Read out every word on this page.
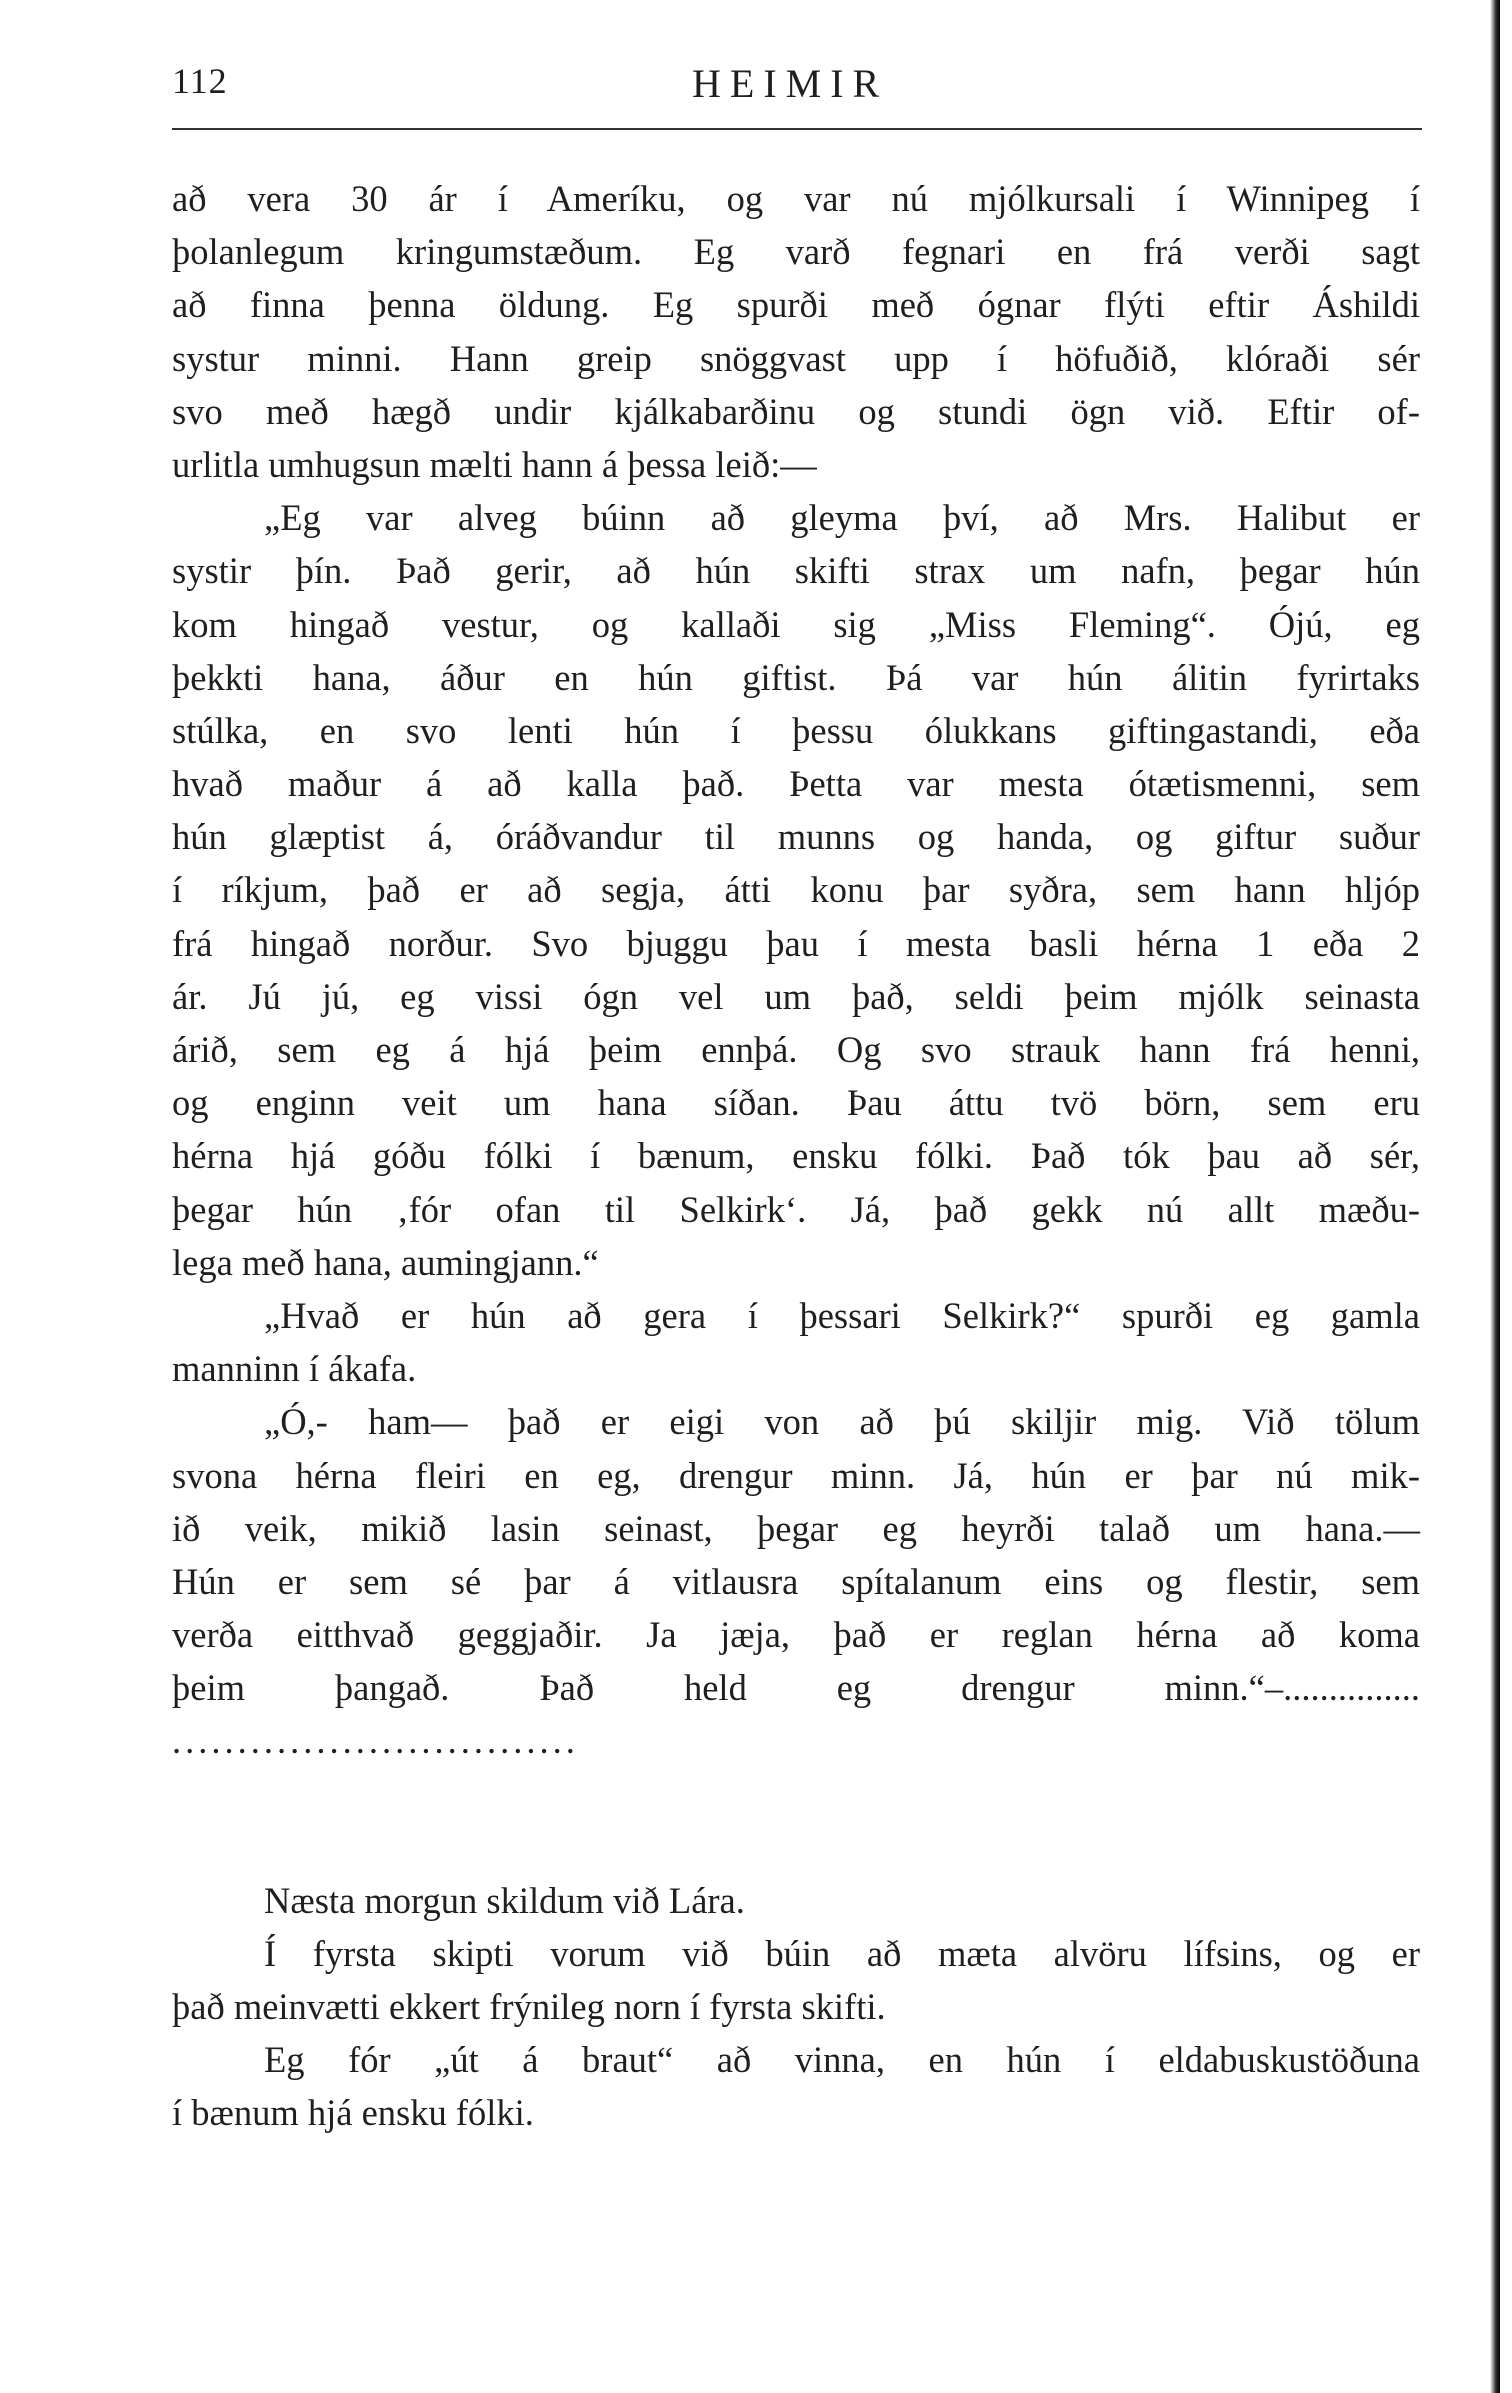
112	HEIMIR
að vera 30 ár í Ameríku, og var nú mjólkursali í Winnipeg í
þolanlegum kringumstæðum. Eg varð fegnari en frá verði sagt
að finna þenna öldung. Eg spurði með ógnar flýti eftir Áshildi
systur minni. Hann greip snöggvast upp í höfuðið, klóraði sér
svo með hægð undir kjálkabarðinu og stundi ögn við. Eftir of-
urlitla umhugsun mælti hann á þessa leið:—
„Eg var alveg búinn að gleyma því, að Mrs. Halibut er
systir þín. Það gerir, að hún skifti strax um nafn, þegar hún
kom hingað vestur, og kallaði sig „Miss Fleming“. Ójú, eg
þekkti hana, áður en hún giftist. Þá var hún álitin fyrirtaks
stúlka, en svo lenti hún í þessu ólukkans giftingastandi, eða
hvað maður á að kalla það. Þetta var mesta ótætismenni, sem
hún glæptist á, óráðvandur til munns og handa, og giftur suður
í ríkjum, það er að segja, átti konu þar syðra, sem hann hljóp
frá hingað norður. Svo bjuggu þau í mesta basli hérna 1 eða 2
ár. Jú jú, eg vissi ógn vel um það, seldi þeim mjólk seinasta
árið, sem eg á hjá þeim ennþá. Og svo strauk hann frá henni,
og enginn veit um hana síðan. Þau áttu tvö börn, sem eru
hérna hjá góðu fólki í bænum, ensku fólki. Það tók þau að sér,
þegar hún ‚fór ofan til Selkirk‘. Já, það gekk nú allt mæðu-
lega með hana, aumingjann.“
„Hvað er hún að gera í þessari Selkirk?“ spurði eg gamla
manninn í ákafa.
„Ó,- ham— það er eigi von að þú skiljir mig. Við tölum
svona hérna fleiri en eg, drengur minn. Já, hún er þar nú mik-
ið veik, mikið lasin seinast, þegar eg heyrði talað um hana.—
Hún er sem sé þar á vitlausra spítalanum eins og flestir, sem
verða eitthvað geggjaðir. Ja jæja, það er reglan hérna að koma
þeim þangað. Það held eg drengur minn.“–...............
...............................
Næsta morgun skildum við Lára.
Í fyrsta skipti vorum við búin að mæta alvöru lífsins, og er
það meinvætti ekkert frýnileg norn í fyrsta skifti.
Eg fór „út á braut“ að vinna, en hún í eldabuskustöðuna
í bænum hjá ensku fólki.
